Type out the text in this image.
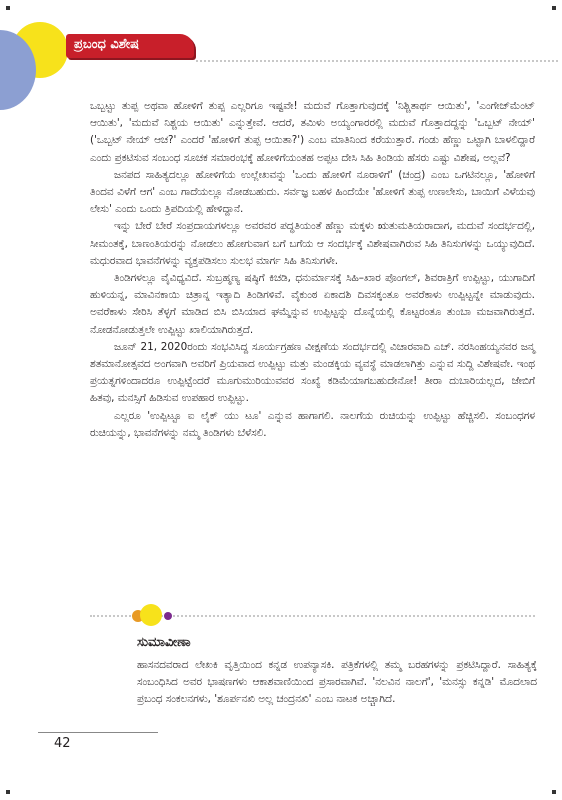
ಪ್ರಬಂಧ ವಿಶೇಷ

ಒಬ್ಬಟ್ಟು ತುಪ್ಪ ಅಥವಾ ಹೋಳಿಗೆ ತುಪ್ಪ ಎಲ್ಲರಿಗೂ ಇಷ್ಟವೇ! ಮದುವೆ ಗೊತ್ತಾಗುವುದಕ್ಕೆ 'ನಿಶ್ಚಿತಾರ್ಥ ಆಯಿತು', 'ಎಂಗೇಜ್‌ಮೆಂಟ್ ಆಯಿತು', 'ಮದುವೆ ನಿಶ್ಚಯ ಆಯಿತು' ಎನ್ನುತ್ತೇವೆ. ಆದರೆ, ತಮಿಳು ಅಯ್ಯಂಗಾರರಲ್ಲಿ ಮದುವೆ ಗೊತ್ತಾದದ್ದನ್ನು 'ಒಬ್ಬಟ್ ನೇಯ್' ('ಒಬ್ಬಟ್ ನೇಯ್ ಆಚ?' ಎಂದರೆ 'ಹೋಳಿಗೆ ತುಪ್ಪ ಆಯಿತಾ?') ಎಂಬ ಮಾತಿನಿಂದ ಕರೆಯುತ್ತಾರೆ. ಗಂಡು ಹೆಣ್ಣು ಒಟ್ಟಾಗಿ ಬಾಳಲಿದ್ದಾರೆ ಎಂದು ಪ್ರಕಟಿಸುವ ಸಂಬಂಧ ಸೂಚಕ ಸಮಾರಂಭಕ್ಕೆ ಹೋಳಿಗೆಯಂತಹ ಅಪ್ಪಟ ದೇಸಿ ಸಿಹಿ ತಿಂಡಿಯ ಹೆಸರು ಎಷ್ಟು ವಿಶೇಷ, ಅಲ್ಲವೆ?

ಜನಪದ ಸಾಹಿತ್ಯದಲ್ಲೂ ಹೋಳಿಗೆಯ ಉಲ್ಲೇಖವನ್ನು 'ಒಂದು ಹೋಳಿಗೆ ನೂರಾಳಿಗೆ' (ಚಂದ್ರ) ಎಂಬ ಒಗಟಿನಲ್ಲೂ, 'ಹೋಳಿಗೆ ತಿಂದವ ವಿಳೆಗೆ ಆಗ' ಎಂಬ ಗಾದೆಯಲ್ಲೂ ನೋಡಬಹುದು. ಸರ್ವಜ್ಞ ಬಹಳ ಹಿಂದೆಯೇ 'ಹೋಳಿಗೆ ತುಪ್ಪ ಉಣಲೇಸು, ಬಾಯಿಗೆ ವಿಳೆಯವು ಲೇಸು' ಎಂದು ಒಂದು ತ್ರಿಪದಿಯಲ್ಲಿ ಹೇಳಿದ್ದಾನೆ.

ಇನ್ನು ಬೇರೆ ಬೇರೆ ಸಂಪ್ರದಾಯಗಳಲ್ಲೂ ಅವರವರ ಪದ್ಧತಿಯಂತೆ ಹೆಣ್ಣು ಮಕ್ಕಳು ಋತುಮತಿಯರಾದಾಗ, ಮದುವೆ ಸಂದರ್ಭದಲ್ಲಿ, ಸೀಮಂತಕ್ಕೆ, ಬಾಣಂತಿಯರನ್ನು ನೋಡಲು ಹೋಗುವಾಗ ಬಗೆ ಬಗೆಯ ಆ ಸಂದರ್ಭಕ್ಕೆ ವಿಶೇಷವಾಗಿರುವ ಸಿಹಿ ತಿನಿಸುಗಳನ್ನು ಒಯ್ಯುವುದಿದೆ. ಮಧುರವಾದ ಭಾವನೆಗಳನ್ನು ವ್ಯಕ್ತಪಡಿಸಲು ಸುಲಭ ಮಾರ್ಗ ಸಿಹಿ ತಿನಿಸುಗಳೇ.

ತಿಂಡಿಗಳಲ್ಲೂ ವೈವಿಧ್ಯವಿದೆ. ಸುಬ್ರಹ್ಮಣ್ಯ ಷಷ್ಠಿಗೆ ಕಿಚಡಿ, ಧನುರ್ಮಾಸಕ್ಕೆ ಸಿಹಿ–ಖಾರ ಪೊಂಗಲ್, ಶಿವರಾತ್ರಿಗೆ ಉಪ್ಪಿಟ್ಟು, ಯುಗಾದಿಗೆ ಹುಳಿಯನ್ನ, ಮಾವಿನಕಾಯಿ ಚಿತ್ರಾನ್ನ ಇತ್ಯಾದಿ ತಿಂಡಿಗಳಿವೆ. ವೈಕುಂಠ ಏಕಾದಶಿ ದಿವಸಕ್ಕಂತೂ ಅವರೆಕಾಳು ಉಪ್ಪಿಟ್ಟನ್ನೇ ಮಾಡುವುದು. ಅವರೆಕಾಳು ಸೇರಿಸಿ ತೆಳ್ಳಗೆ ಮಾಡಿದ ಬಿಸಿ ಬಿಸಿಯಾದ ಘಮ್ಮೆನ್ನುವ ಉಪ್ಪಿಟ್ಟನ್ನು ದೊನ್ನೆಯಲ್ಲಿ ಕೊಟ್ಟರಂತೂ ತುಂಬಾ ಮಜವಾಗಿರುತ್ತದೆ. ನೋಡನೋಡುತ್ತಲೇ ಉಪ್ಪಿಟ್ಟು ಖಾಲಿಯಾಗಿರುತ್ತದೆ.

ಜೂನ್ 21, 2020ರಂದು ಸಂಭವಿಸಿದ್ದ ಸೂರ್ಯಗ್ರಹಣ ವೀಕ್ಷಣೆಯ ಸಂದರ್ಭದಲ್ಲಿ ವಿಚಾರವಾದಿ ಎಚ್. ನರಸಿಂಹಯ್ಯನವರ ಜನ್ಮ ಶತಮಾನೋತ್ಸವದ ಅಂಗವಾಗಿ ಅವರಿಗೆ ಪ್ರಿಯವಾದ ಉಪ್ಪಿಟ್ಟು ಮತ್ತು ಮಂಡಕ್ಕಿಯ ವ್ಯವಸ್ಥೆ ಮಾಡಲಾಗಿತ್ತು ಎನ್ನುವ ಸುದ್ದಿ ವಿಶೇಷವೇ. ಇಂಥ ಪ್ರಯತ್ನಗಳಿಂದಾದರೂ ಉಪ್ಪಿಟ್ಟೆಂದರೆ ಮೂಗುಮುರಿಯುವವರ ಸಂಖ್ಯೆ ಕಡಿಮೆಯಾಗಬಹುದೇನೋ! ತೀರಾ ದುಬಾರಿಯಲ್ಲದ, ಜೇಬಿಗೆ ಹಿತವು, ಮನಸ್ಸಿಗೆ ಹಿಡಿಸುವ ಉಪಹಾರ ಉಪ್ಪಿಟ್ಟು.

ಎಲ್ಲರೂ 'ಉಪ್ಪಿಟ್ಟೂ ಐ ಲೈಕ್ ಯು ಟೂ' ಎನ್ನುವ ಹಾಗಾಗಲಿ. ನಾಲಗೆಯ ರುಚಿಯನ್ನು ಉಪ್ಪಿಟ್ಟು ಹೆಚ್ಚಿಸಲಿ. ಸಂಬಂಧಗಳ ರುಚಿಯನ್ನು, ಭಾವನೆಗಳನ್ನು ನಮ್ಮ ತಿಂಡಿಗಳು ಬೆಳೆಸಲಿ.

ಸುಮಾವೀಣಾ

ಹಾಸನದವರಾದ ಲೇಖಕಿ ವೃತ್ತಿಯಿಂದ ಕನ್ನಡ ಉಪನ್ಯಾಸಕಿ. ಪತ್ರಿಕೆಗಳಲ್ಲಿ ತಮ್ಮ ಬರಹಗಳನ್ನು ಪ್ರಕಟಿಸಿದ್ದಾರೆ. ಸಾಹಿತ್ಯಕ್ಕೆ ಸಂಬಂಧಿಸಿದ ಅವರ ಭಾಷಣಗಳು ಆಕಾಶವಾಣಿಯಿಂದ ಪ್ರಸಾರವಾಗಿವೆ. 'ನಲವಿನ ನಾಲಗೆ', 'ಮನಸ್ಸು ಕನ್ನಡಿ' ಮೊದಲಾದ ಪ್ರಬಂಧ ಸಂಕಲನಗಳು, 'ಶೂರ್ಪನಖಿ ಅಲ್ಲ ಚಂದ್ರನಖಿ' ಎಂಬ ನಾಟಕ ಅಚ್ಚಾಗಿದೆ.

42
